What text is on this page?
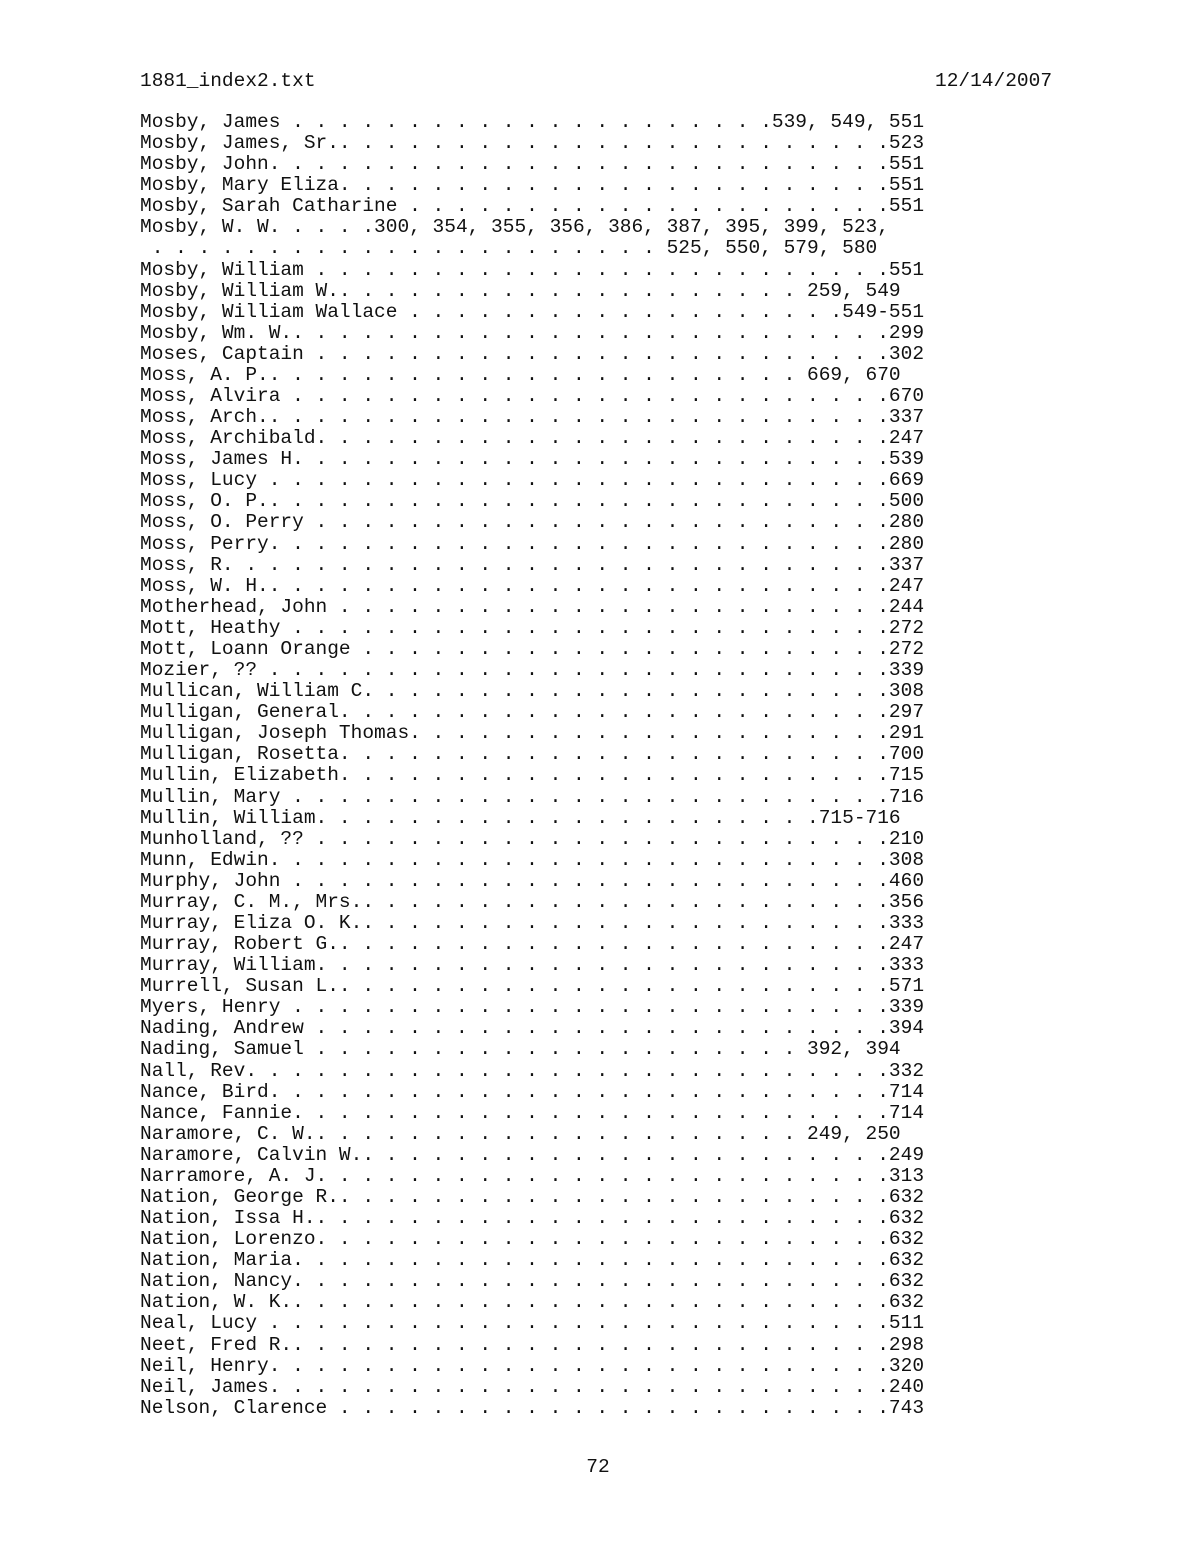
1881_index2.txt	12/14/2007
Mosby, James . . . . . . . . . . . . . . . . . . . . .539, 549, 551
Mosby, James, Sr.. . . . . . . . . . . . . . . . . . . . . . . .523
Mosby, John. . . . . . . . . . . . . . . . . . . . . . . . . . .551
Mosby, Mary Eliza. . . . . . . . . . . . . . . . . . . . . . . .551
Mosby, Sarah Catharine . . . . . . . . . . . . . . . . . . . . .551
Mosby, W. W. . . . .300, 354, 355, 356, 386, 387, 395, 399, 523,
. . . . . . . . . . . . . . . . . . . . . . 525, 550, 579, 580
Mosby, William . . . . . . . . . . . . . . . . . . . . . . . . .551
Mosby, William W.. . . . . . . . . . . . . . . . . . . . 259, 549
Mosby, William Wallace . . . . . . . . . . . . . . . . . . .549-551
Mosby, Wm. W.. . . . . . . . . . . . . . . . . . . . . . . . . .299
Moses, Captain . . . . . . . . . . . . . . . . . . . . . . . . .302
Moss, A. P.. . . . . . . . . . . . . . . . . . . . . . . 669, 670
Moss, Alvira . . . . . . . . . . . . . . . . . . . . . . . . . .670
Moss, Arch.. . . . . . . . . . . . . . . . . . . . . . . . . . .337
Moss, Archibald. . . . . . . . . . . . . . . . . . . . . . . . .247
Moss, James H. . . . . . . . . . . . . . . . . . . . . . . . . .539
Moss, Lucy . . . . . . . . . . . . . . . . . . . . . . . . . . .669
Moss, O. P.. . . . . . . . . . . . . . . . . . . . . . . . . . .500
Moss, O. Perry . . . . . . . . . . . . . . . . . . . . . . . . .280
Moss, Perry. . . . . . . . . . . . . . . . . . . . . . . . . . .280
Moss, R. . . . . . . . . . . . . . . . . . . . . . . . . . . . .337
Moss, W. H.. . . . . . . . . . . . . . . . . . . . . . . . . . .247
Motherhead, John . . . . . . . . . . . . . . . . . . . . . . . .244
Mott, Heathy . . . . . . . . . . . . . . . . . . . . . . . . . .272
Mott, Loann Orange . . . . . . . . . . . . . . . . . . . . . . .272
Mozier, ?? . . . . . . . . . . . . . . . . . . . . . . . . . . .339
Mullican, William C. . . . . . . . . . . . . . . . . . . . . . .308
Mulligan, General. . . . . . . . . . . . . . . . . . . . . . . .297
Mulligan, Joseph Thomas. . . . . . . . . . . . . . . . . . . . .291
Mulligan, Rosetta. . . . . . . . . . . . . . . . . . . . . . . .700
Mullin, Elizabeth. . . . . . . . . . . . . . . . . . . . . . . .715
Mullin, Mary . . . . . . . . . . . . . . . . . . . . . . . . . .716
Mullin, William. . . . . . . . . . . . . . . . . . . . . .715-716
Munholland, ?? . . . . . . . . . . . . . . . . . . . . . . . . .210
Munn, Edwin. . . . . . . . . . . . . . . . . . . . . . . . . . .308
Murphy, John . . . . . . . . . . . . . . . . . . . . . . . . . .460
Murray, C. M., Mrs.. . . . . . . . . . . . . . . . . . . . . . .356
Murray, Eliza O. K.. . . . . . . . . . . . . . . . . . . . . . .333
Murray, Robert G.. . . . . . . . . . . . . . . . . . . . . . . .247
Murray, William. . . . . . . . . . . . . . . . . . . . . . . . .333
Murrell, Susan L.. . . . . . . . . . . . . . . . . . . . . . . .571
Myers, Henry . . . . . . . . . . . . . . . . . . . . . . . . . .339
Nading, Andrew . . . . . . . . . . . . . . . . . . . . . . . . .394
Nading, Samuel . . . . . . . . . . . . . . . . . . . . . 392, 394
Nall, Rev. . . . . . . . . . . . . . . . . . . . . . . . . . . .332
Nance, Bird. . . . . . . . . . . . . . . . . . . . . . . . . . .714
Nance, Fannie. . . . . . . . . . . . . . . . . . . . . . . . . .714
Naramore, C. W.. . . . . . . . . . . . . . . . . . . . . 249, 250
Naramore, Calvin W.. . . . . . . . . . . . . . . . . . . . . . .249
Narramore, A. J. . . . . . . . . . . . . . . . . . . . . . . . .313
Nation, George R.. . . . . . . . . . . . . . . . . . . . . . . .632
Nation, Issa H.. . . . . . . . . . . . . . . . . . . . . . . . .632
Nation, Lorenzo. . . . . . . . . . . . . . . . . . . . . . . . .632
Nation, Maria. . . . . . . . . . . . . . . . . . . . . . . . . .632
Nation, Nancy. . . . . . . . . . . . . . . . . . . . . . . . . .632
Nation, W. K.. . . . . . . . . . . . . . . . . . . . . . . . . .632
Neal, Lucy . . . . . . . . . . . . . . . . . . . . . . . . . . .511
Neet, Fred R.. . . . . . . . . . . . . . . . . . . . . . . . . .298
Neil, Henry. . . . . . . . . . . . . . . . . . . . . . . . . . .320
Neil, James. . . . . . . . . . . . . . . . . . . . . . . . . . .240
Nelson, Clarence . . . . . . . . . . . . . . . . . . . . . . . .743
72
